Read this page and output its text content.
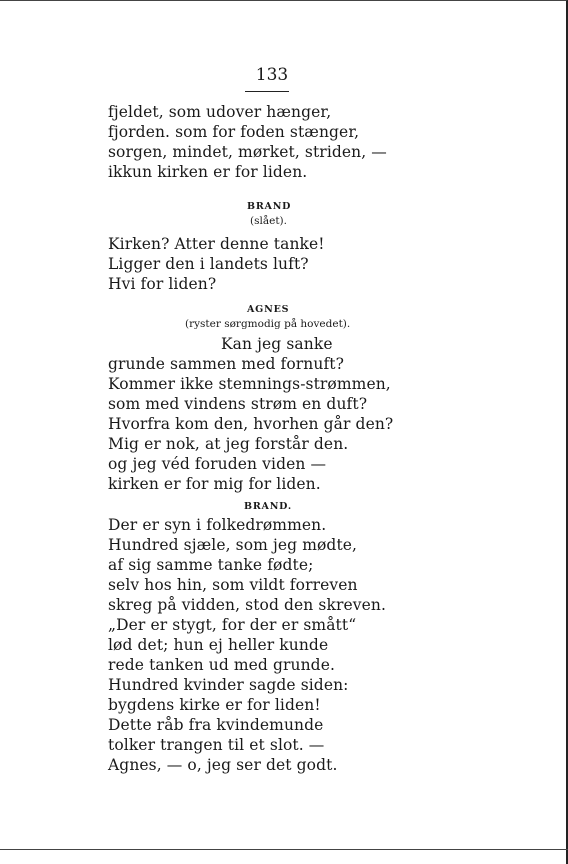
133
fjeldet, som udover hænger,
fjorden. som for foden stænger,
sorgen, mindet, mørket, striden, —
ikkun kirken er for liden.
BRAND
(slået).
Kirken? Atter denne tanke!
Ligger den i landets luft?
Hvi for liden?
AGNES
(ryster sørgmodig på hovedet).
Kan jeg sanke
grunde sammen med fornuft?
Kommer ikke stemnings-strømmen,
som med vindens strøm en duft?
Hvorfra kom den, hvorhen går den?
Mig er nok, at jeg forstår den.
og jeg véd foruden viden —
kirken er for mig for liden.
BRAND.
Der er syn i folkedrømmen.
Hundred sjæle, som jeg mødte,
af sig samme tanke fødte;
selv hos hin, som vildt forreven
skreg på vidden, stod den skreven.
„Der er stygt, for der er smått“
lød det; hun ej heller kunde
rede tanken ud med grunde.
Hundred kvinder sagde siden:
bygdens kirke er for liden!
Dette råb fra kvindemunde
tolker trangen til et slot. —
Agnes, — o, jeg ser det godt.
